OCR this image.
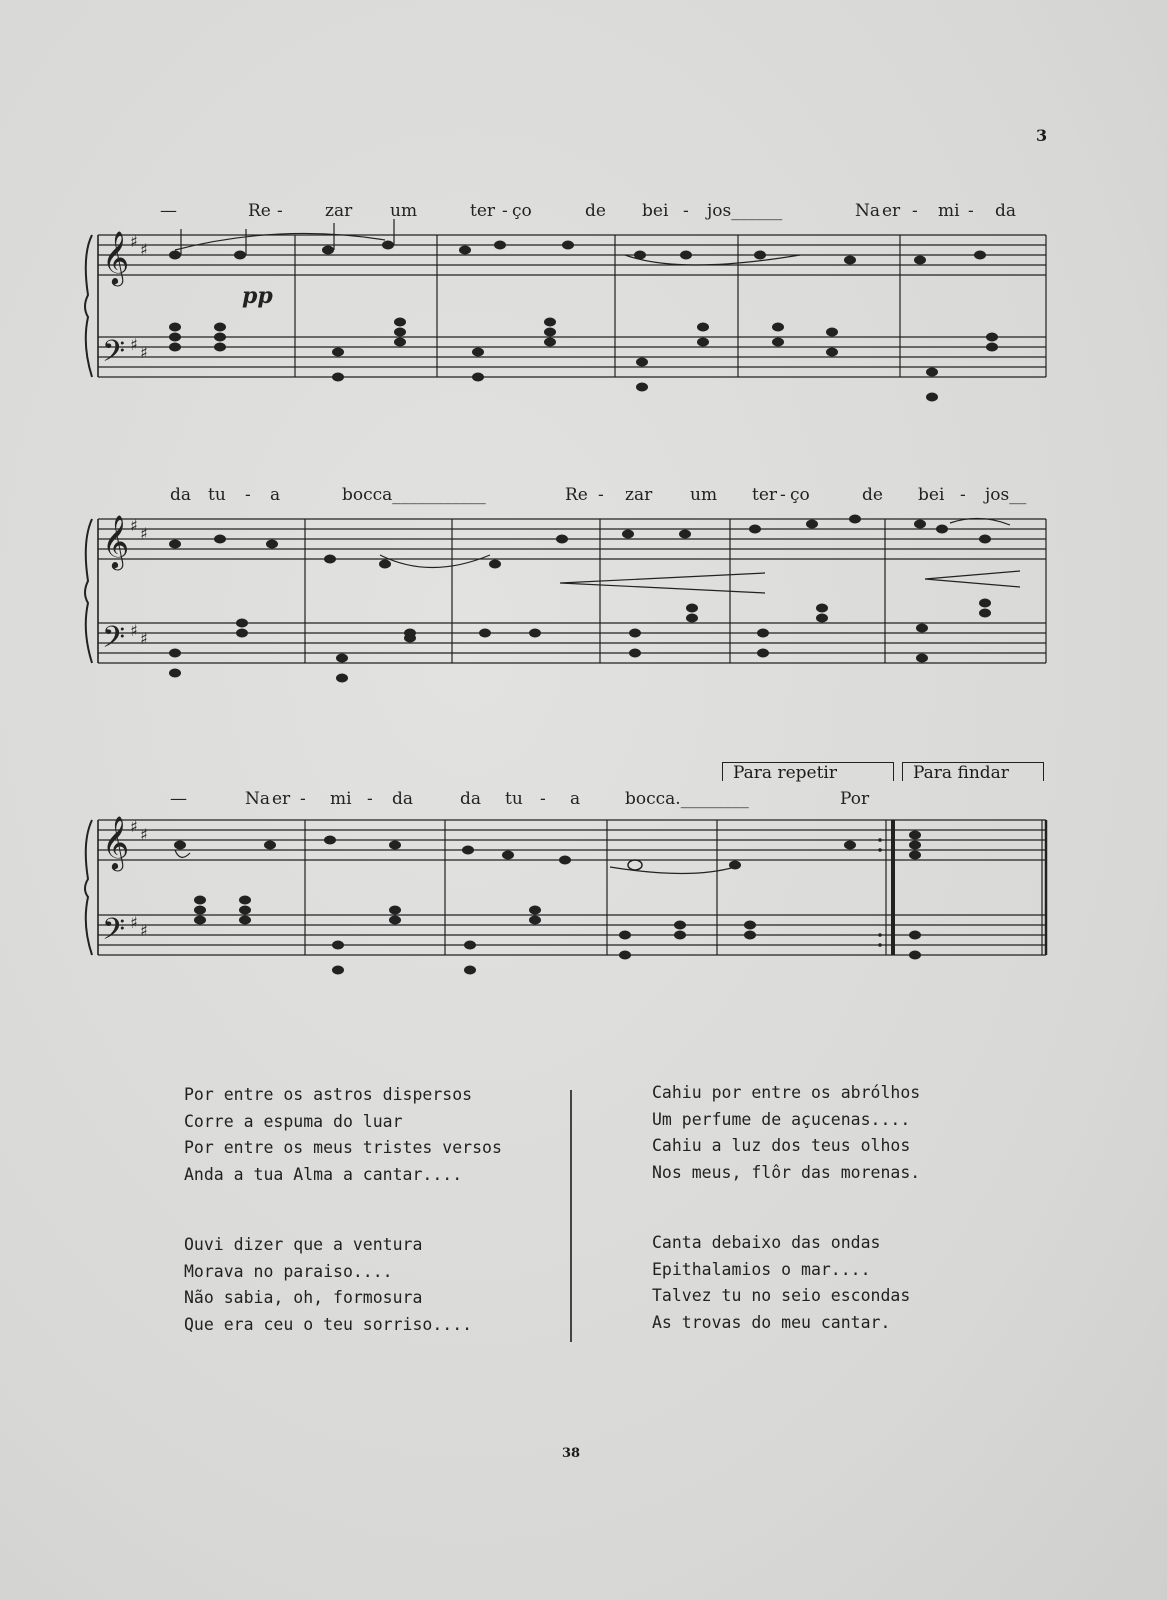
3
—	Re - zar um	ter - ço	de bei - jos______	Na er - mi - da
pp
𝄞
𝄢
♯ ♯
♯ ♯
da tu - a	bocca___________	Re - zar um ter - ço	de bei - jos__
𝄞
𝄢
♯ ♯
♯ ♯
Para repetir	Para findar
—	Na er - mi - da	da tu - a	bocca.________	Por
𝄞
𝄢
♯ ♯
♯ ♯
Por entre os astros dispersos
Corre a espuma do luar
Por entre os meus tristes versos
Anda a tua Alma a cantar....
Ouvi dizer que a ventura
Morava no paraiso....
Não sabia, oh, formosura
Que era ceu o teu sorriso....
Cahiu por entre os abrólhos
Um perfume de açucenas....
Cahiu a luz dos teus olhos
Nos meus, flôr das morenas.
Canta debaixo das ondas
Epithalamios o mar....
Talvez tu no seio escondas
As trovas do meu cantar.
38
